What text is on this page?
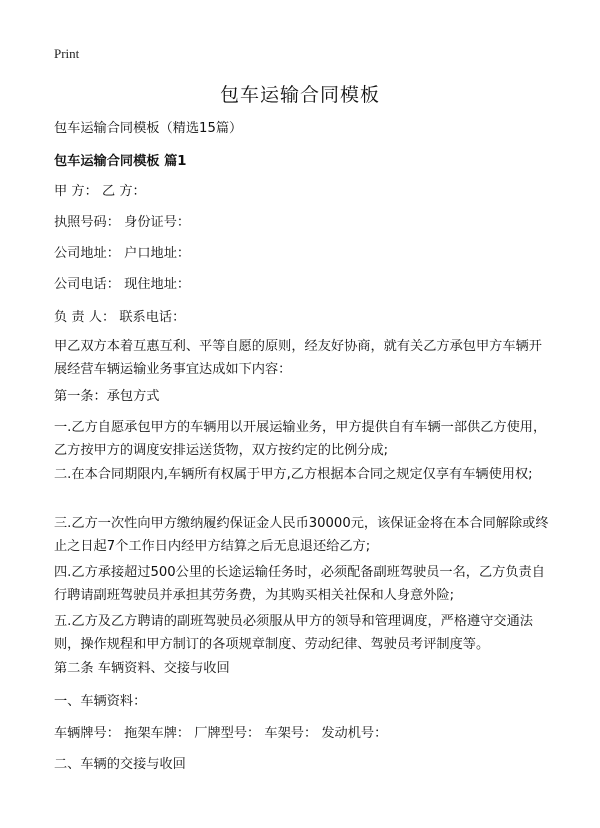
Print
包车运输合同模板
包车运输合同模板（精选15篇）
包车运输合同模板 篇1
甲 方： 乙 方：
执照号码： 身份证号：
公司地址： 户口地址：
公司电话： 现住地址：
负 责 人： 联系电话：
甲乙双方本着互惠互利、平等自愿的原则，经友好协商，就有关乙方承包甲方车辆开展经营车辆运输业务事宜达成如下内容：
第一条：承包方式
一.乙方自愿承包甲方的车辆用以开展运输业务，甲方提供自有车辆一部供乙方使用，乙方按甲方的调度安排运送货物，双方按约定的比例分成;
二.在本合同期限内,车辆所有权属于甲方,乙方根据本合同之规定仅享有车辆使用权;
三.乙方一次性向甲方缴纳履约保证金人民币30000元，该保证金将在本合同解除或终止之日起7个工作日内经甲方结算之后无息退还给乙方;
四.乙方承接超过500公里的长途运输任务时，必须配备副班驾驶员一名，乙方负责自行聘请副班驾驶员并承担其劳务费，为其购买相关社保和人身意外险;
五.乙方及乙方聘请的副班驾驶员必须服从甲方的领导和管理调度，严格遵守交通法则，操作规程和甲方制订的各项规章制度、劳动纪律、驾驶员考评制度等。
第二条 车辆资料、交接与收回
一、车辆资料：
车辆牌号： 拖架车牌： 厂牌型号： 车架号： 发动机号：
二、车辆的交接与收回
